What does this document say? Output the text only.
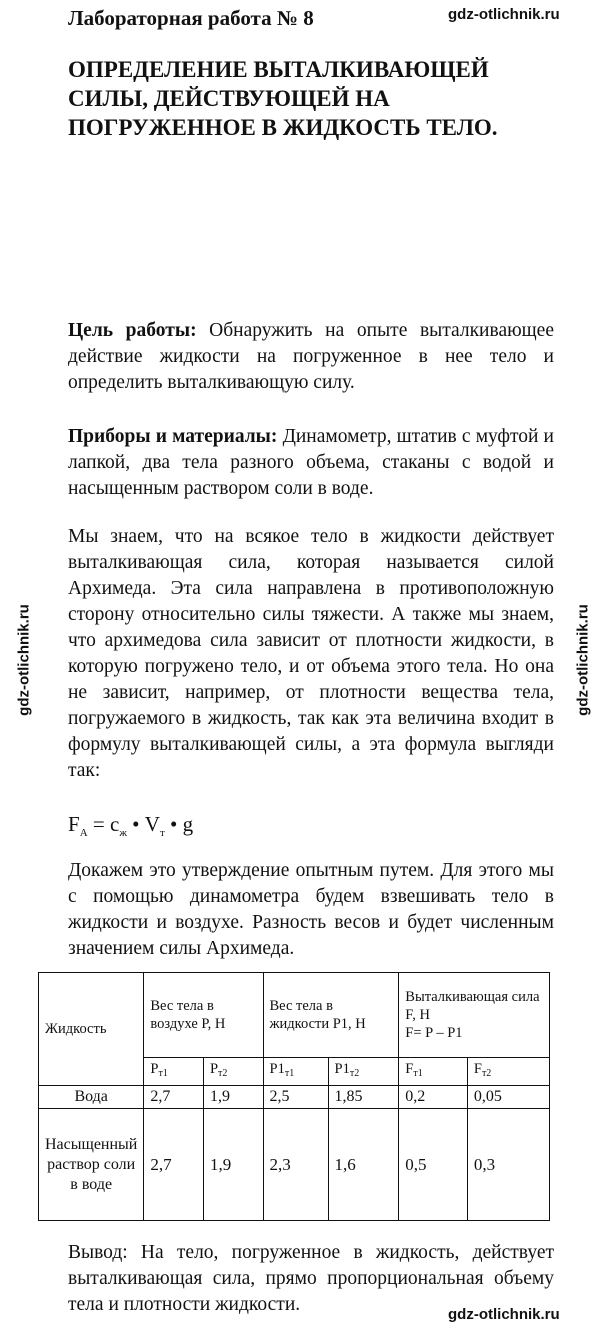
Лабораторная работа № 8	gdz-otlichnik.ru
gdz-otlichnik.ru	gdz-otlichnik.ru
ОПРЕДЕЛЕНИЕ ВЫТАЛКИВАЮЩЕЙ СИЛЫ, ДЕЙСТВУЮЩЕЙ НА ПОГРУЖЕННОЕ В ЖИДКОСТЬ ТЕЛО.
Цель работы: Обнаружить на опыте выталкивающее действие жидкости на погруженное в нее тело и определить выталкивающую силу.
Приборы и материалы: Динамометр, штатив с муфтой и лапкой, два тела разного объема, стаканы с водой и насыщенным раствором соли в воде.
Мы знаем, что на всякое тело в жидкости действует выталкивающая сила, которая называется силой Архимеда. Эта сила направлена в противоположную сторону относительно силы тяжести. А также мы знаем, что архимедова сила зависит от плотности жидкости, в которую погружено тело, и от объема этого тела. Но она не зависит, например, от плотности вещества тела, погружаемого в жидкость, так как эта величина входит в формулу выталкивающей силы, а эта формула выгляди так:
$F_A = c_ж$ • $V_т$ • g
Докажем это утверждение опытным путем. Для этого мы с помощью динамометра будем взвешивать тело в жидкости и воздухе. Разность весов и будет численным значением силы Архимеда.
Жидкость	Вес тела в воздухе Р, Н		Вес тела в жидкости Р1, Н		Выталкивающая сила F, Н
F= P – P1	

	$Р_{т1}$	$Р_{т2}$	$Р1_{т1}$	$Р1_{т2}$	$F_{т1}$	$F_{т2}$
Вода	2,7	1,9	2,5	1,85	0,2	0,05
Насыщенный раствор соли в воде	2,7	1,9	2,3	1,6	0,5	0,3
Вывод: На тело, погруженное в жидкость, действует выталкивающая сила, прямо пропорциональная объему тела и плотности жидкости.	gdz-otlichnik.ru
